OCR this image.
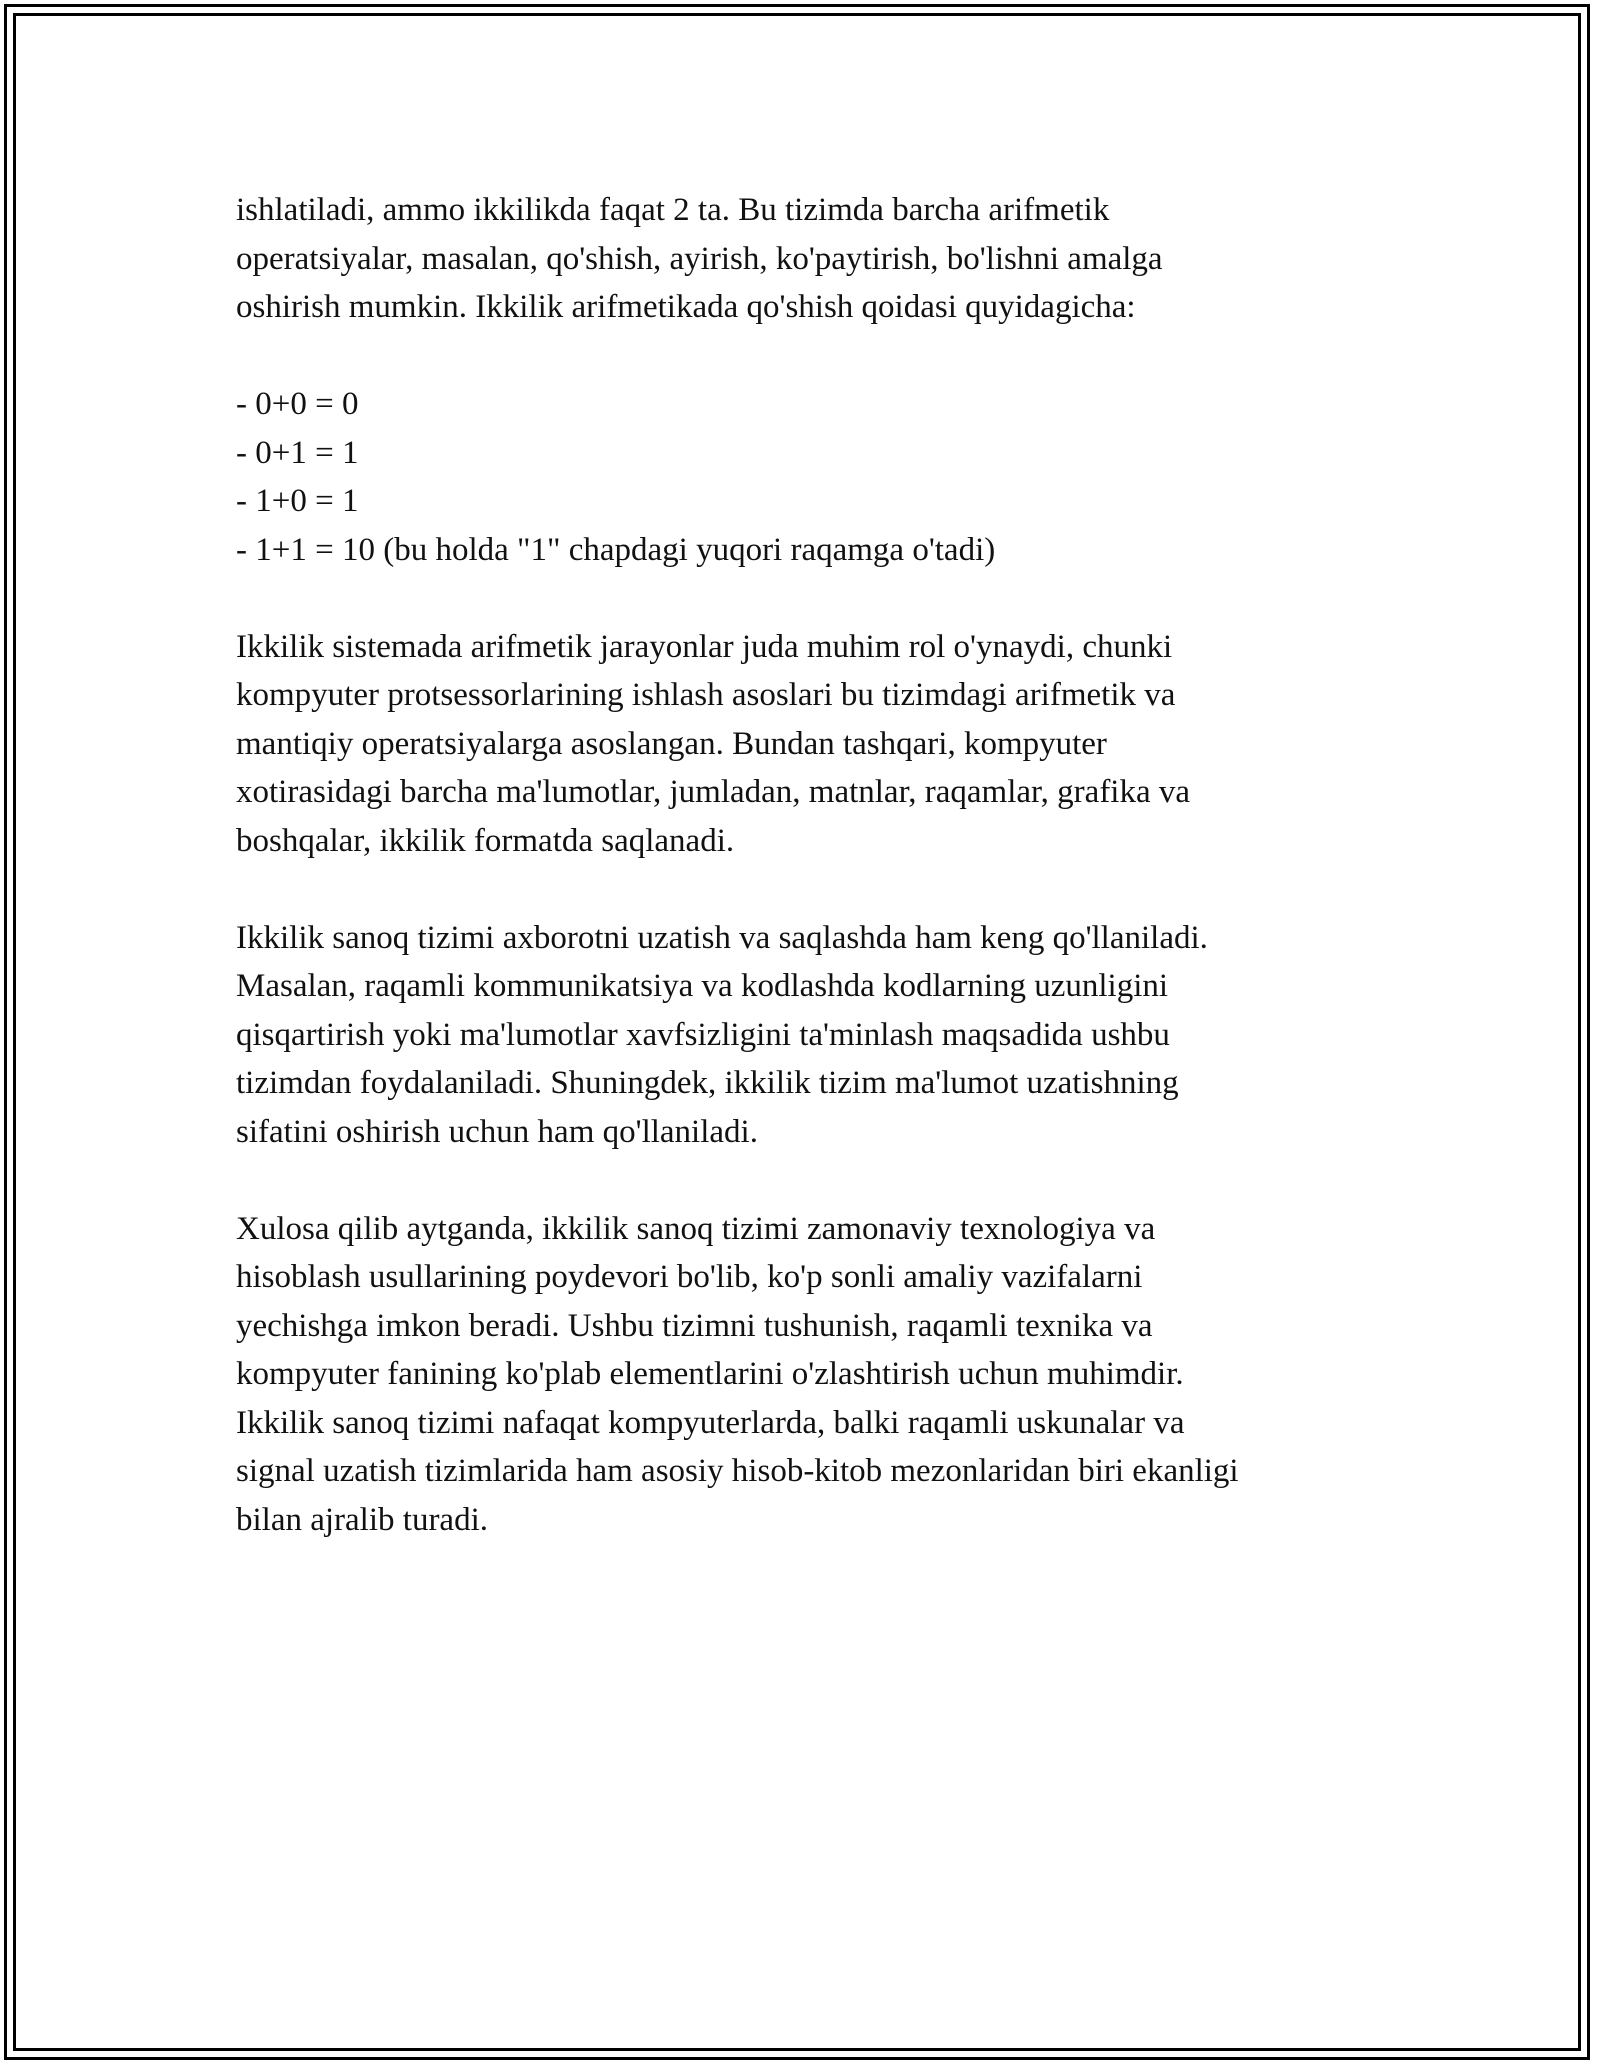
ishlatiladi, ammo ikkilikda faqat 2 ta. Bu tizimda barcha arifmetik
operatsiyalar, masalan, qo'shish, ayirish, ko'paytirish, bo'lishni amalga
oshirish mumkin. Ikkilik arifmetikada qo'shish qoidasi quyidagicha:

- 0+0 = 0
- 0+1 = 1
- 1+0 = 1
- 1+1 = 10 (bu holda "1" chapdagi yuqori raqamga o'tadi)

Ikkilik sistemada arifmetik jarayonlar juda muhim rol o'ynaydi, chunki
kompyuter protsessorlarining ishlash asoslari bu tizimdagi arifmetik va
mantiqiy operatsiyalarga asoslangan. Bundan tashqari, kompyuter
xotirasidagi barcha ma'lumotlar, jumladan, matnlar, raqamlar, grafika va
boshqalar, ikkilik formatda saqlanadi.

Ikkilik sanoq tizimi axborotni uzatish va saqlashda ham keng qo'llaniladi.
Masalan, raqamli kommunikatsiya va kodlashda kodlarning uzunligini
qisqartirish yoki ma'lumotlar xavfsizligini ta'minlash maqsadida ushbu
tizimdan foydalaniladi. Shuningdek, ikkilik tizim ma'lumot uzatishning
sifatini oshirish uchun ham qo'llaniladi.

Xulosa qilib aytganda, ikkilik sanoq tizimi zamonaviy texnologiya va
hisoblash usullarining poydevori bo'lib, ko'p sonli amaliy vazifalarni
yechishga imkon beradi. Ushbu tizimni tushunish, raqamli texnika va
kompyuter fanining ko'plab elementlarini o'zlashtirish uchun muhimdir.
Ikkilik sanoq tizimi nafaqat kompyuterlarda, balki raqamli uskunalar va
signal uzatish tizimlarida ham asosiy hisob-kitob mezonlaridan biri ekanligi
bilan ajralib turadi.
